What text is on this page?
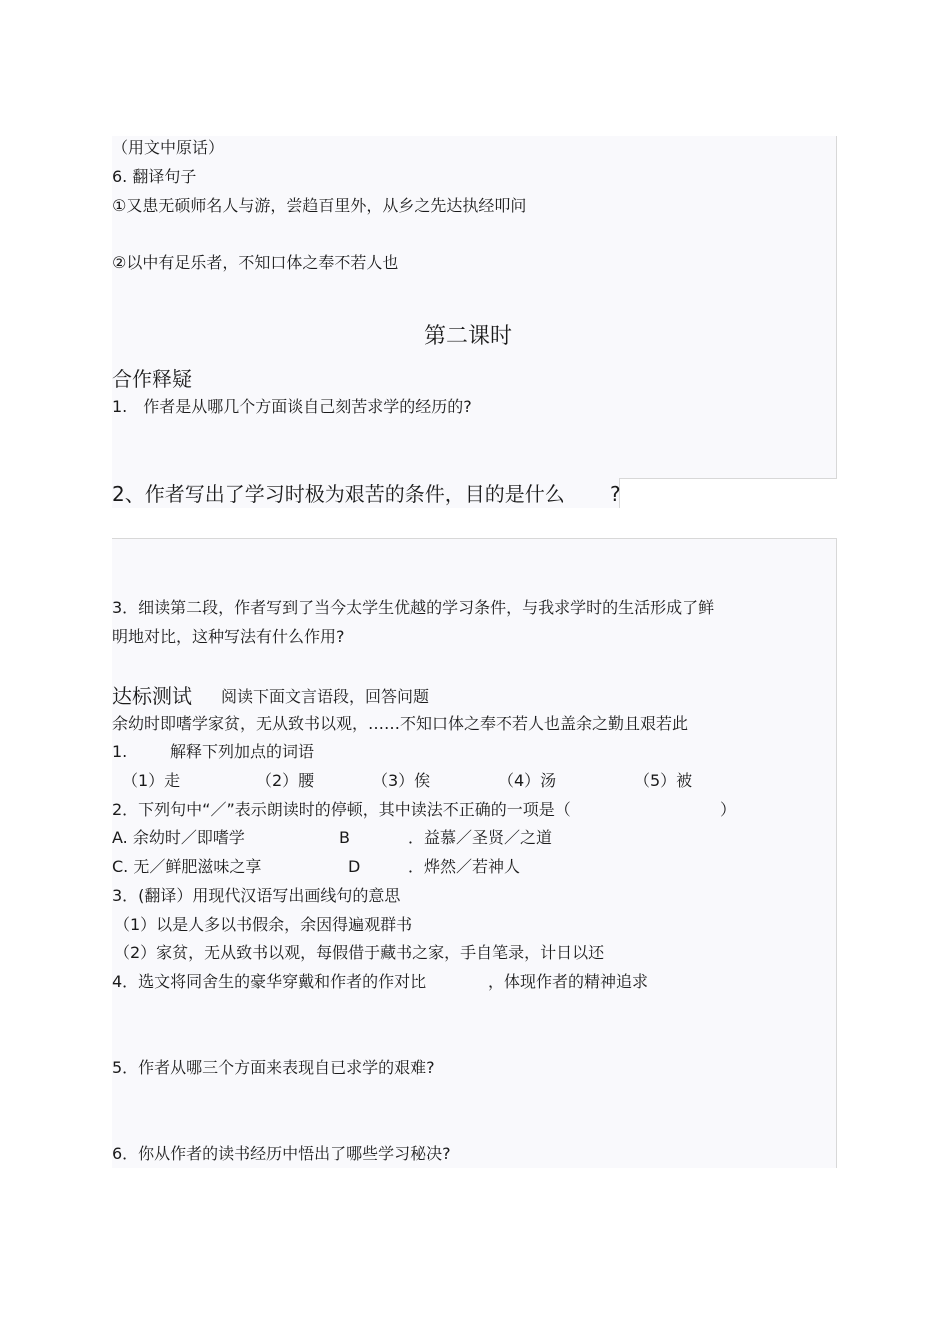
（用文中原话）
6. 翻译句子
①又患无硕师名人与游，尝趋百里外，从乡之先达执经叩问
②以中有足乐者，不知口体之奉不若人也
第二课时
合作释疑
1.　作者是从哪几个方面谈自己刻苦求学的经历的?
2、作者写出了学习时极为艰苦的条件，目的是什么 ?
3．细读第二段，作者写到了当今太学生优越的学习条件，与我求学时的生活形成了鲜
明地对比，这种写法有什么作用?
达标测试 阅读下面文言语段，回答问题
余幼时即嗜学家贫，无从致书以观，……不知口体之奉不若人也盖余之勤且艰若此
1.	解释下列加点的词语
（1）走	（2）腰	（3）俟	（4）汤	（5）被
2．下列句中“／”表示朗读时的停顿，其中读法不正确的一项是（	）
A. 余幼时／即嗜学	B	．益慕／圣贤／之道
C. 无／鲜肥滋味之享	D	．烨然／若神人
3．(翻译）用现代汉语写出画线句的意思
（1）以是人多以书假余，余因得遍观群书
（2）家贫，无从致书以观，每假借于藏书之家，手自笔录，计日以还
4．选文将同舍生的豪华穿戴和作者的作对比	，体现作者的精神追求
5．作者从哪三个方面来表现自已求学的艰难?
6．你从作者的读书经历中悟出了哪些学习秘决?
